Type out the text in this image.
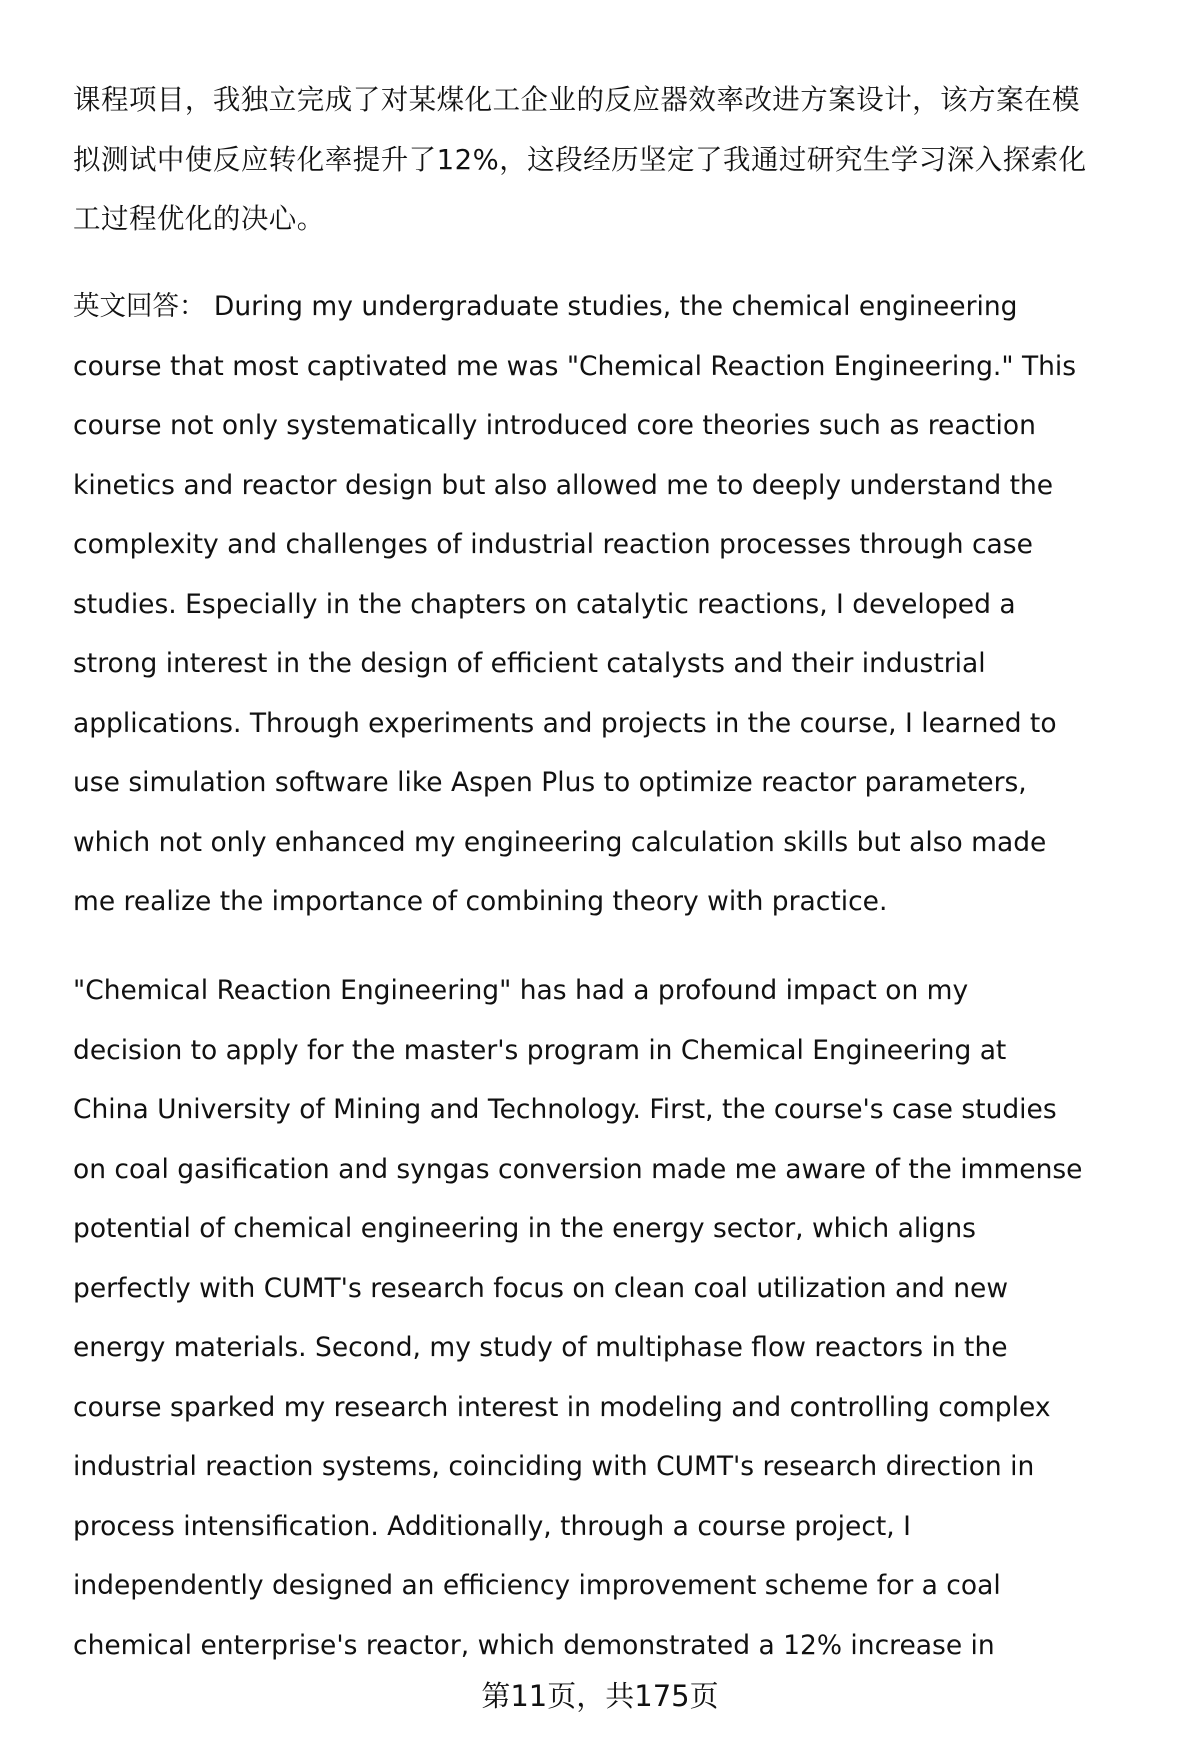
课程项目，我独立完成了对某煤化工企业的反应器效率改进方案设计，该方案在模
拟测试中使反应转化率提升了12%，这段经历坚定了我通过研究生学习深入探索化
工过程优化的决心。
英文回答： During my undergraduate studies, the chemical engineering
course that most captivated me was "Chemical Reaction Engineering." This
course not only systematically introduced core theories such as reaction
kinetics and reactor design but also allowed me to deeply understand the
complexity and challenges of industrial reaction processes through case
studies. Especially in the chapters on catalytic reactions, I developed a
strong interest in the design of efficient catalysts and their industrial
applications. Through experiments and projects in the course, I learned to
use simulation software like Aspen Plus to optimize reactor parameters,
which not only enhanced my engineering calculation skills but also made
me realize the importance of combining theory with practice.
"Chemical Reaction Engineering" has had a profound impact on my
decision to apply for the master's program in Chemical Engineering at
China University of Mining and Technology. First, the course's case studies
on coal gasification and syngas conversion made me aware of the immense
potential of chemical engineering in the energy sector, which aligns
perfectly with CUMT's research focus on clean coal utilization and new
energy materials. Second, my study of multiphase flow reactors in the
course sparked my research interest in modeling and controlling complex
industrial reaction systems, coinciding with CUMT's research direction in
process intensification. Additionally, through a course project, I
independently designed an efficiency improvement scheme for a coal
chemical enterprise's reactor, which demonstrated a 12% increase in
第11页，共175页
